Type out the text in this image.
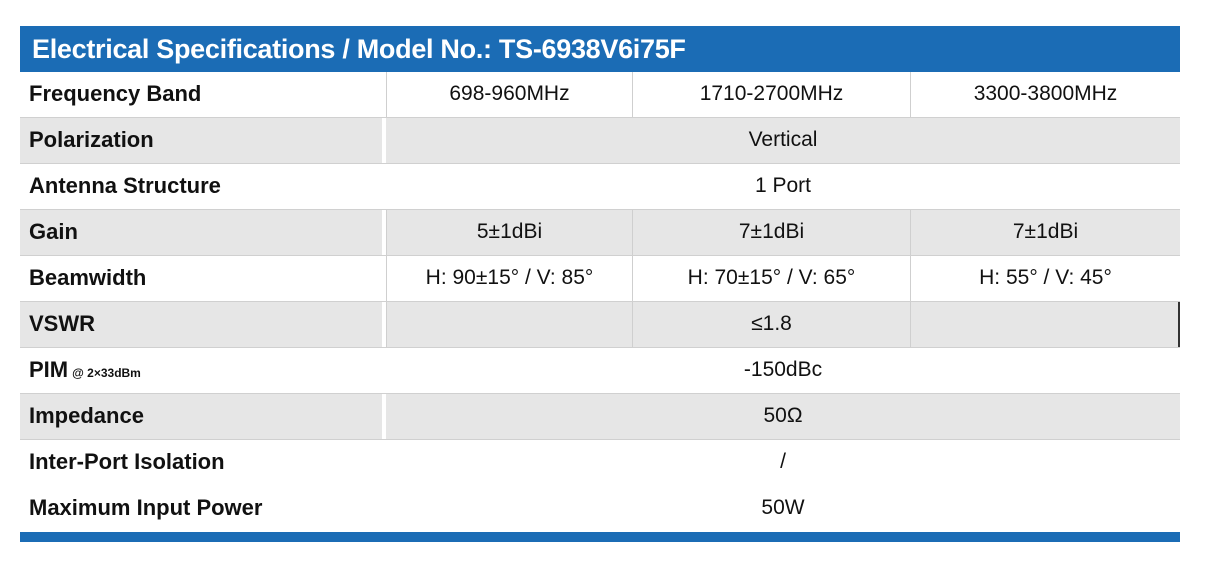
Electrical Specifications / Model No.: TS-6938V6i75F
Frequency Band	698-960MHz	1710-2700MHz	3300-3800MHz
Polarization	Vertical
Antenna Structure	1 Port
Gain	5±1dBi	7±1dBi	7±1dBi
Beamwidth	H: 90±15° / V: 85°	H: 70±15° / V: 65°	H: 55° / V: 45°
VSWR	≤1.8
PIM @ 2×33dBm	-150dBc
Impedance	50Ω
Inter-Port Isolation	/
Maximum Input Power	50W
